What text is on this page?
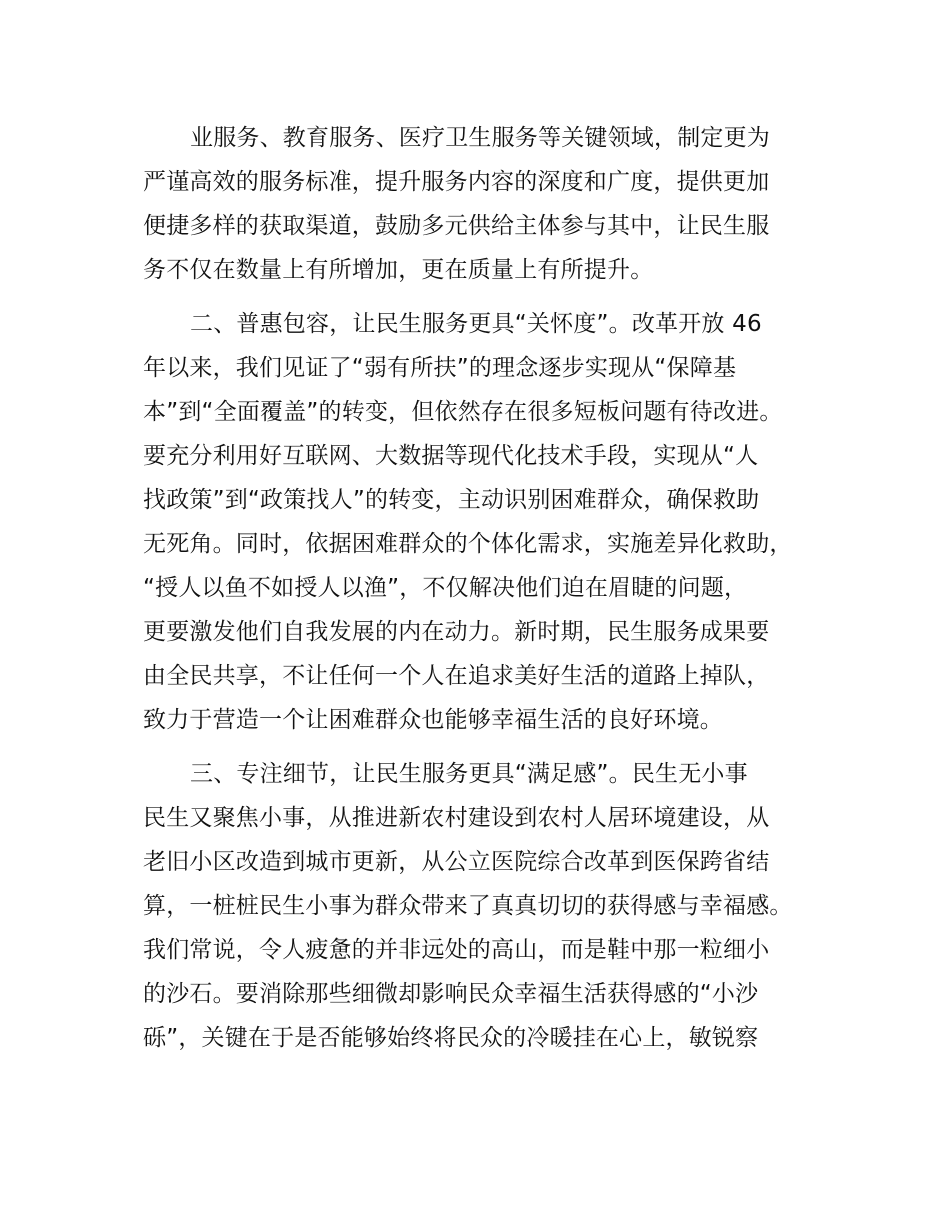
业服务、教育服务、医疗卫生服务等关键领域，制定更为

严谨高效的服务标准，提升服务内容的深度和广度，提供更加

便捷多样的获取渠道，鼓励多元供给主体参与其中，让民生服

务不仅在数量上有所增加，更在质量上有所提升。

二、普惠包容，让民生服务更具“关怀度”。改革开放 46

年以来，我们见证了“弱有所扶”的理念逐步实现从“保障基

本”到“全面覆盖”的转变，但依然存在很多短板问题有待改进。

要充分利用好互联网、大数据等现代化技术手段，实现从“人

找政策”到“政策找人”的转变，主动识别困难群众，确保救助

无死角。同时，依据困难群众的个体化需求，实施差异化救助，

“授人以鱼不如授人以渔”，不仅解决他们迫在眉睫的问题，

更要激发他们自我发展的内在动力。新时期，民生服务成果要

由全民共享，不让任何一个人在追求美好生活的道路上掉队，

致力于营造一个让困难群众也能够幸福生活的良好环境。

三、专注细节，让民生服务更具“满足感”。民生无小事

民生又聚焦小事，从推进新农村建设到农村人居环境建设，从

老旧小区改造到城市更新，从公立医院综合改革到医保跨省结

算，一桩桩民生小事为群众带来了真真切切的获得感与幸福感。

我们常说，令人疲惫的并非远处的高山，而是鞋中那一粒细小

的沙石。要消除那些细微却影响民众幸福生活获得感的“小沙

砾”，关键在于是否能够始终将民众的冷暖挂在心上，敏锐察
